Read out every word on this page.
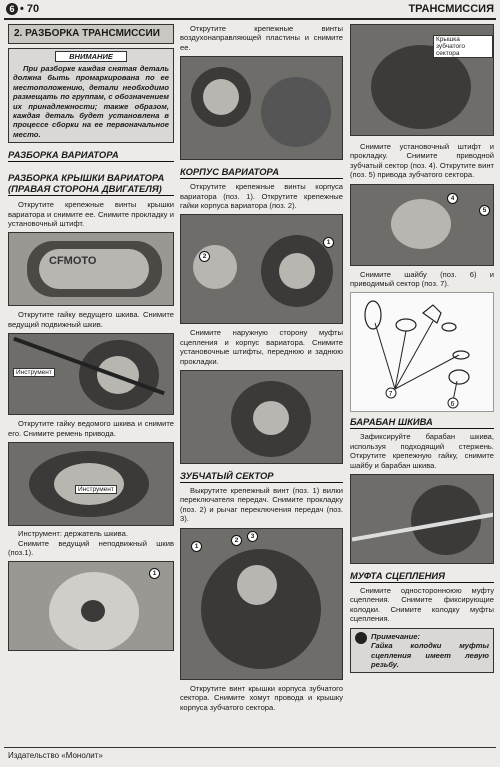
6 • 70	ТРАНСМИССИЯ
2. РАЗБОРКА ТРАНСМИССИИ
ВНИМАНИЕ

При разборке каждая снятая деталь должна быть промаркирована по ее местоположению, детали необходимо размещать по группам, с обозначением их принадлежности; также образом, каждая деталь будет установлена в процессе сборки на ее первоначальное место.

РАЗБОРКА ВАРИАТОРА

РАЗБОРКА КРЫШКИ ВАРИАТОРА (ПРАВАЯ СТОРОНА ДВИГАТЕЛЯ)

Открутите крепежные винты крышки вариатора и снимите ее. Снимите прокладку и установочный штифт.

CFMOTO

Открутите гайку ведущего шкива. Снимите ведущий подвижный шкив.

Инструмент

Открутите гайку ведомого шкива и снимите его. Снимите ремень привода.

Инструмент

Инструмент: держатель шкива.

Снимите ведущий неподвижный шкив (поз.1).

1

Открутите крепежные винты воздухонаправляющей пластины и снимите ее.

КОРПУС ВАРИАТОРА

Открутите крепежные винты корпуса вариатора (поз. 1). Открутите крепежные гайки корпуса вариатора (поз. 2).

2
1

Снимите наружную сторону муфты сцепления и корпус вариатора. Снимите установочные штифты, переднюю и заднюю прокладки.

ЗУБЧАТЫЙ СЕКТОР

Выкрутите крепежный винт (поз. 1) вилки переключателя передач. Снимите прокладку (поз. 2) и рычаг переключения передач (поз. 3).

1
2
3

Открутите винт крышки корпуса зубчатого сектора. Снимите хомут провода и крышку корпуса зубчатого сектора.

Крышка зубчатого сектора

Снимите установочный штифт и прокладку. Снимите приводной зубчатый сектор (поз. 4). Открутите винт (поз. 5) привода зубчатого сектора.

4
5

Снимите шайбу (поз. 6) и приводимый сектор (поз. 7).

7
6

БАРАБАН ШКИВА

Зафиксируйте барабан шкива, используя подходящий стержень. Открутите крепежную гайку, снимите шайбу и барабан шкива.

МУФТА СЦЕПЛЕНИЯ

Снимите односторонноюю муфту сцепления. Снимите фиксирующие колодки. Снимите колодку муфты сцепления.

Примечание:

Гайка колодки муфты сцепления имеет левую резьбу.

Издательство «Монолит»
